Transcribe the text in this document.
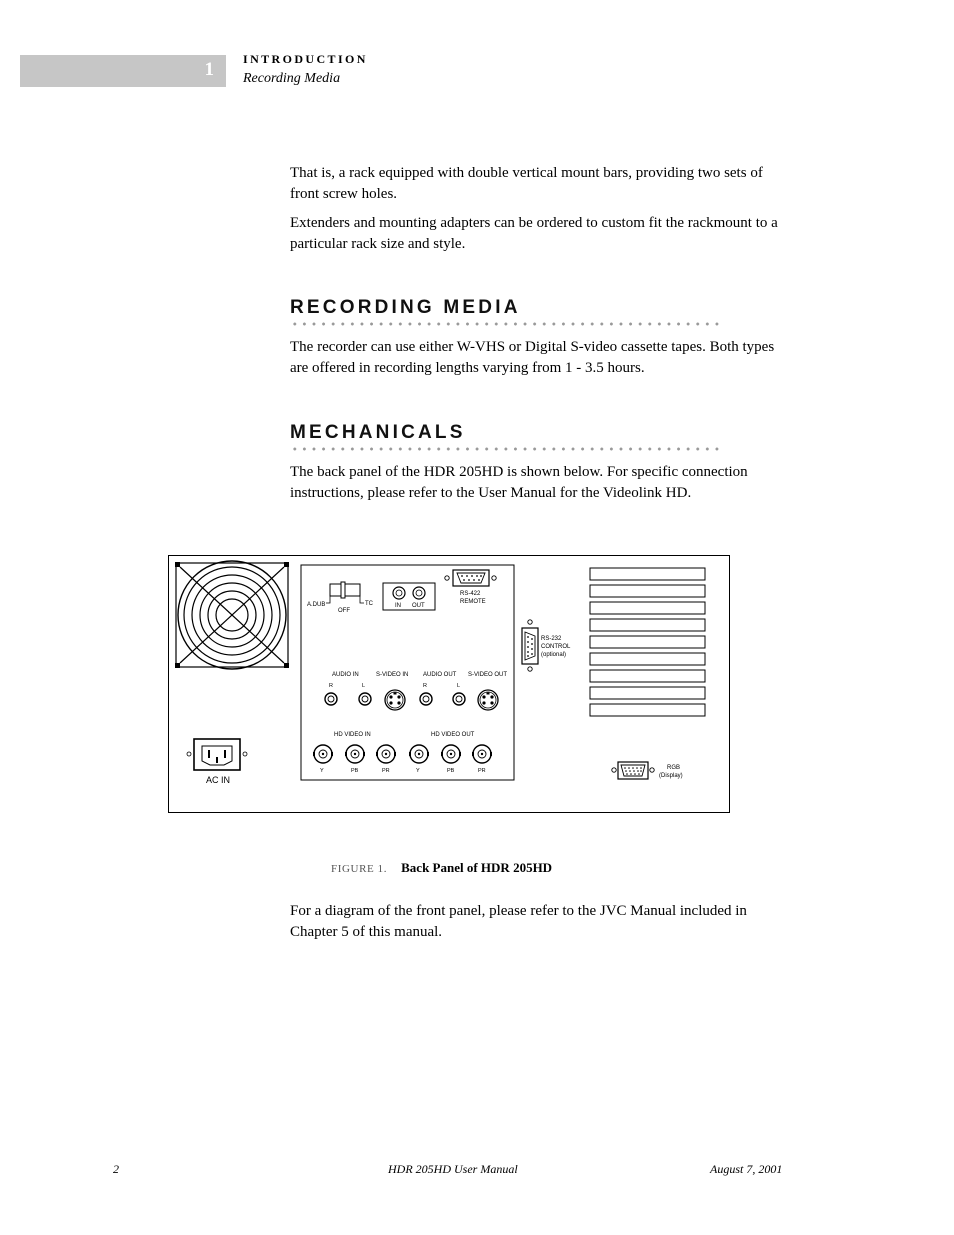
1 INTRODUCTION
Recording Media

That is, a rack equipped with double vertical mount bars, providing two sets of front screw holes.

Extenders and mounting adapters can be ordered to custom fit the rackmount to a particular rack size and style.

RECORDING MEDIA

The recorder can use either W-VHS or Digital S-video cassette tapes. Both types are offered in recording lengths varying from 1 - 3.5 hours.

MECHANICALS

The back panel of the HDR 205HD is shown below. For specific connection instructions, please refer to the User Manual for the Videolink HD.

AC IN
A.DUB
OFF
TC	IN OUT
RS-422
REMOTE
RS-232
CONTROL
(optional)
AUDIO IN	S-VIDEO IN AUDIO OUT S-VIDEO OUT
R	L	R	L
HD VIDEO IN	HD VIDEO OUT
Y	PB	PR	Y	PB	PR	RGB
(Display)
FIGURE 1. Back Panel of HDR 205HD

For a diagram of the front panel, please refer to the JVC Manual included in Chapter 5 of this manual.

2	HDR 205HD User Manual	August 7, 2001
